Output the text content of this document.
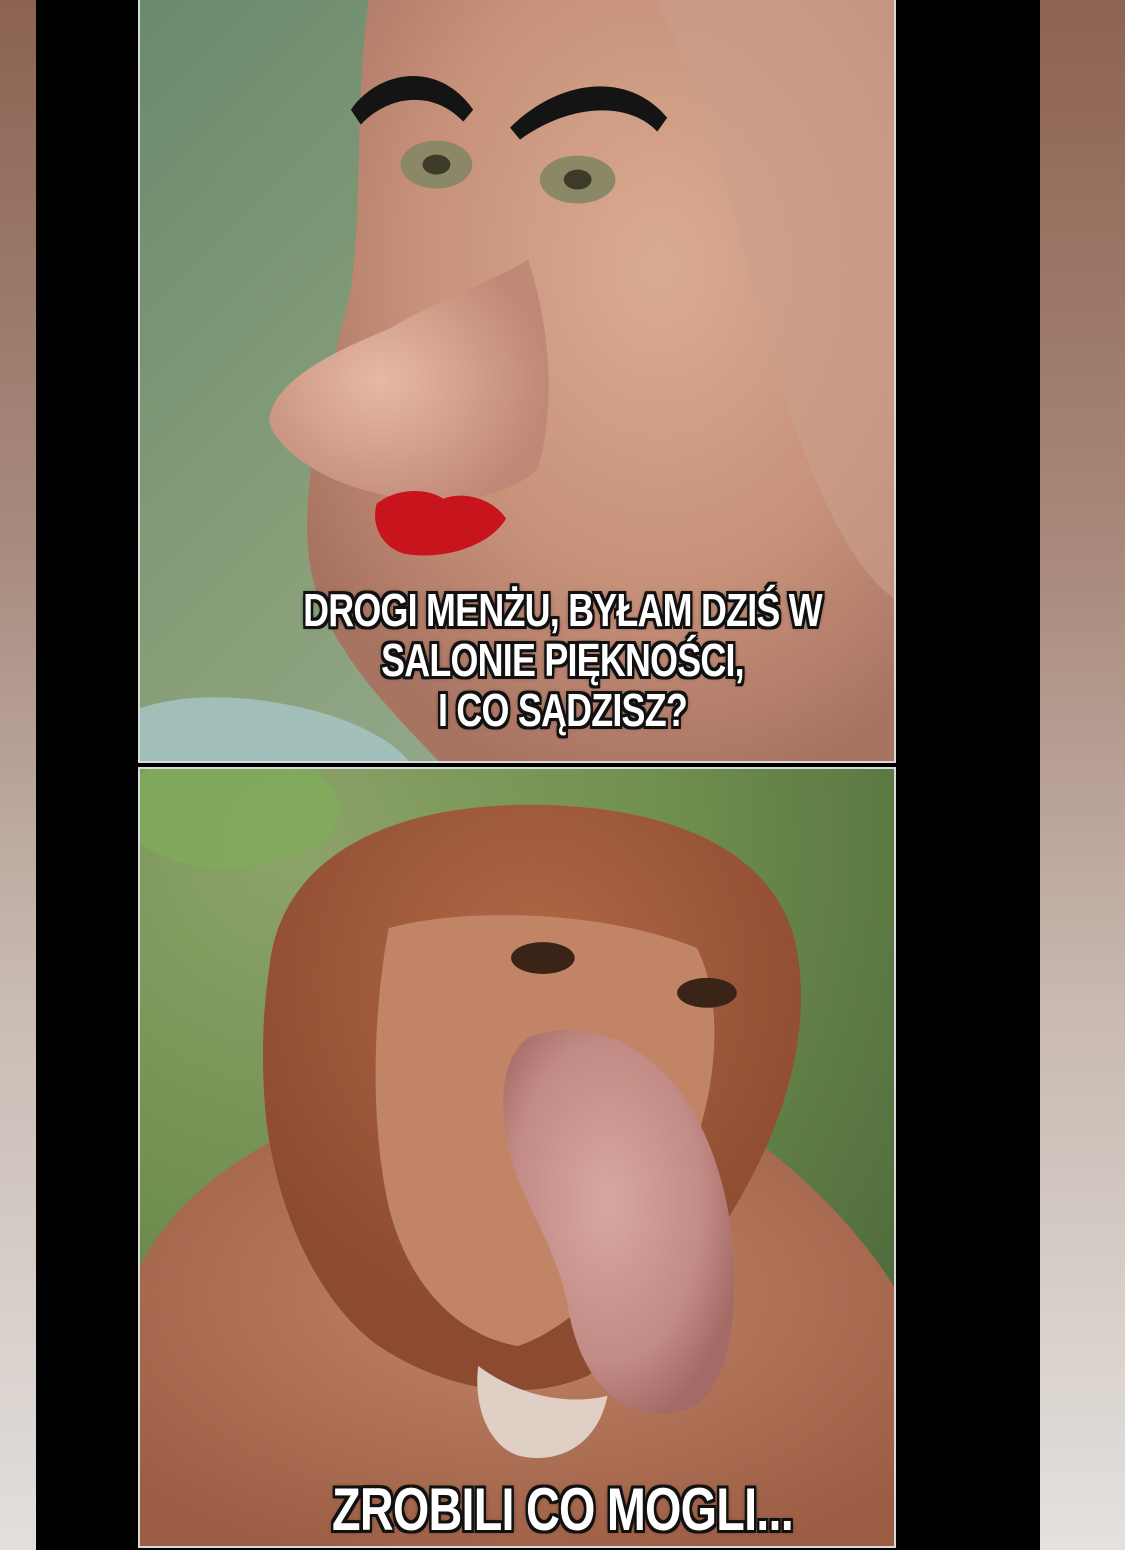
DROGI MENŻU, BYŁAM DZIŚ W
SALONIE PIĘKNOŚCI,
I CO SĄDZISZ?
ZROBILI CO MOGLI...
